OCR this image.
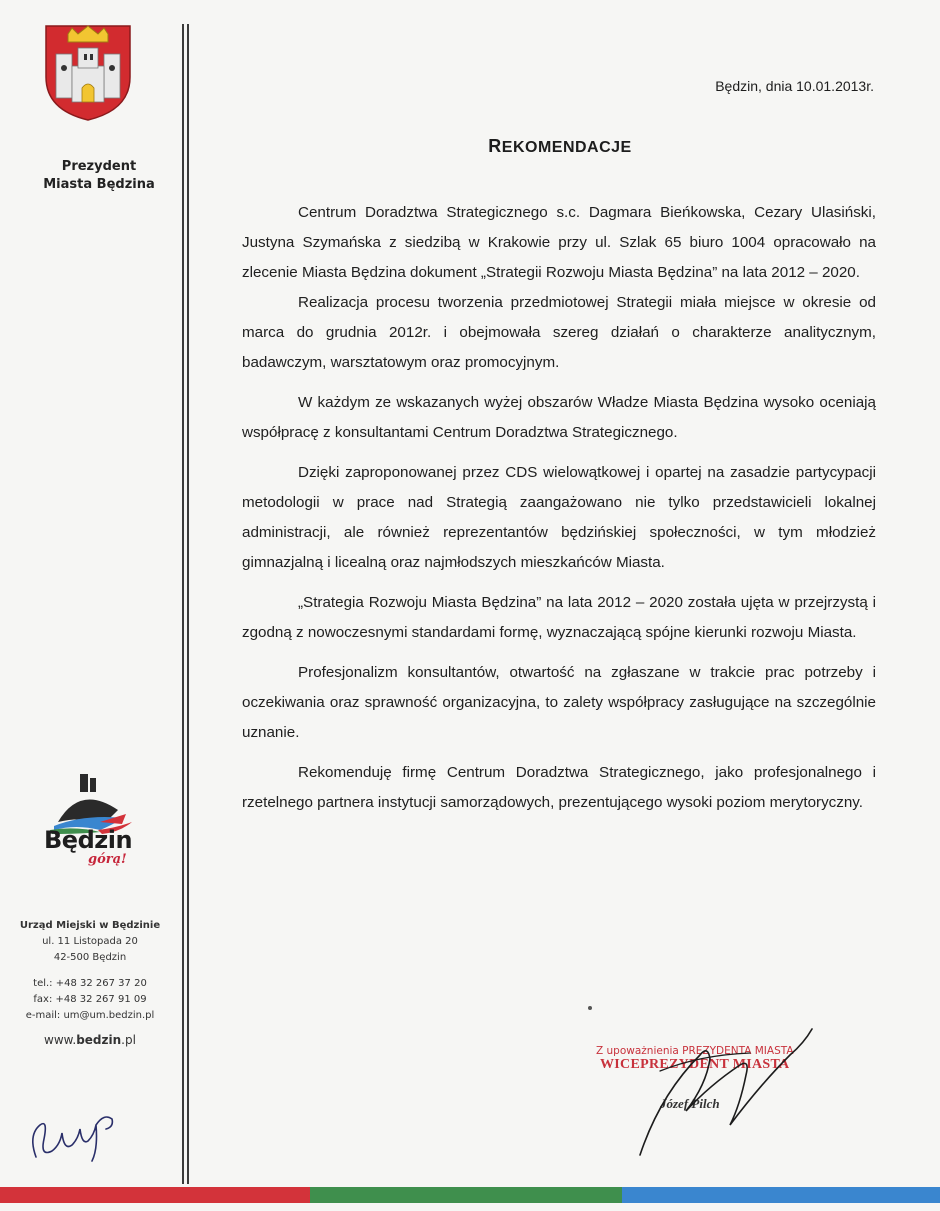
Prezydent
Miasta Będzina
Będzin
górą!
Urząd Miejski w Będzinie
ul. 11 Listopada 20
42-500 Będzin
tel.: +48 32 267 37 20
fax: +48 32 267 91 09
e-mail: um@um.bedzin.pl
www.bedzin.pl
Będzin, dnia 10.01.2013r.
REKOMENDACJE

Centrum Doradztwa Strategicznego s.c. Dagmara Bieńkowska, Cezary Ulasiński, Justyna Szymańska z siedzibą w Krakowie przy ul. Szlak 65 biuro 1004 opracowało na zlecenie Miasta Będzina dokument „Strategii Rozwoju Miasta Będzina” na lata 2012 – 2020.

Realizacja procesu tworzenia przedmiotowej Strategii miała miejsce w okresie od marca do grudnia 2012r. i obejmowała szereg działań o charakterze analitycznym, badawczym, warsztatowym oraz promocyjnym.

W każdym ze wskazanych wyżej obszarów Władze Miasta Będzina wysoko oceniają współpracę z konsultantami Centrum Doradztwa Strategicznego.

Dzięki zaproponowanej przez CDS wielowątkowej i opartej na zasadzie partycypacji metodologii w prace nad Strategią zaangażowano nie tylko przedstawicieli lokalnej administracji, ale również reprezentantów będzińskiej społeczności, w tym młodzież gimnazjalną i licealną oraz najmłodszych mieszkańców Miasta.

„Strategia Rozwoju Miasta Będzina” na lata 2012 – 2020 została ujęta w przejrzystą i zgodną z nowoczesnymi standardami formę, wyznaczającą spójne kierunki rozwoju Miasta.

Profesjonalizm konsultantów, otwartość na zgłaszane w trakcie prac potrzeby i oczekiwania oraz sprawność organizacyjna, to zalety współpracy zasługujące na szczególnie uznanie.

Rekomenduję firmę Centrum Doradztwa Strategicznego, jako profesjonalnego i rzetelnego partnera instytucji samorządowych, prezentującego wysoki poziom merytoryczny.

Z upoważnienia PREZYDENTA MIASTA
WICEPREZYDENT MIASTA
Józef Pilch
